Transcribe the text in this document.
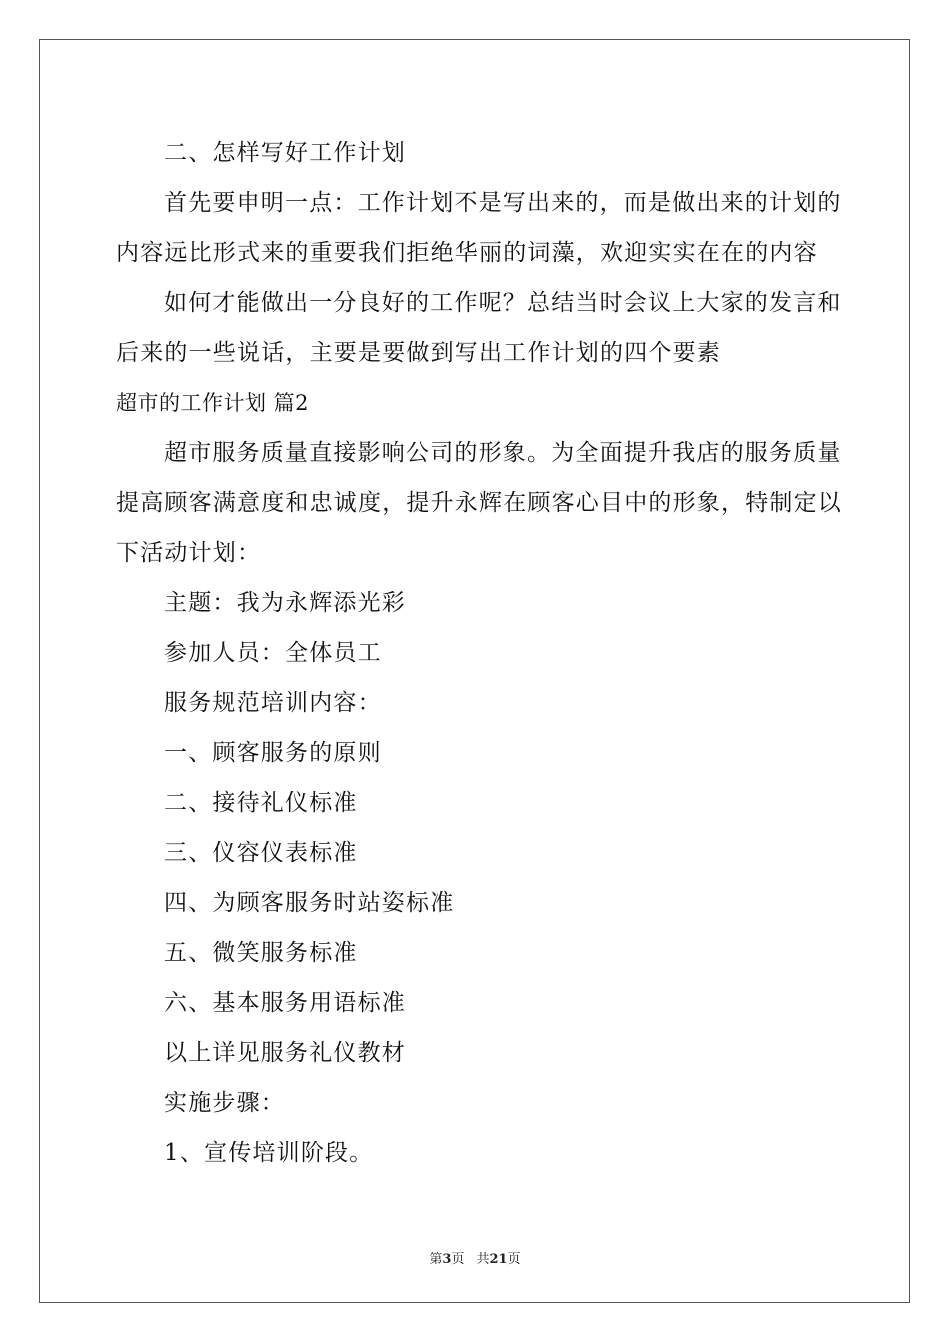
二、怎样写好工作计划
首先要申明一点：工作计划不是写出来的，而是做出来的计划的
内容远比形式来的重要我们拒绝华丽的词藻，欢迎实实在在的内容
如何才能做出一分良好的工作呢？总结当时会议上大家的发言和
后来的一些说话，主要是要做到写出工作计划的四个要素
超市的工作计划 篇2
超市服务质量直接影响公司的形象。为全面提升我店的服务质量
提高顾客满意度和忠诚度，提升永辉在顾客心目中的形象，特制定以
下活动计划：
主题：我为永辉添光彩
参加人员：全体员工
服务规范培训内容：
一、顾客服务的原则
二、接待礼仪标准
三、仪容仪表标准
四、为顾客服务时站姿标准
五、微笑服务标准
六、基本服务用语标准
以上详见服务礼仪教材
实施步骤：
1、宣传培训阶段。
第3页 共21页
